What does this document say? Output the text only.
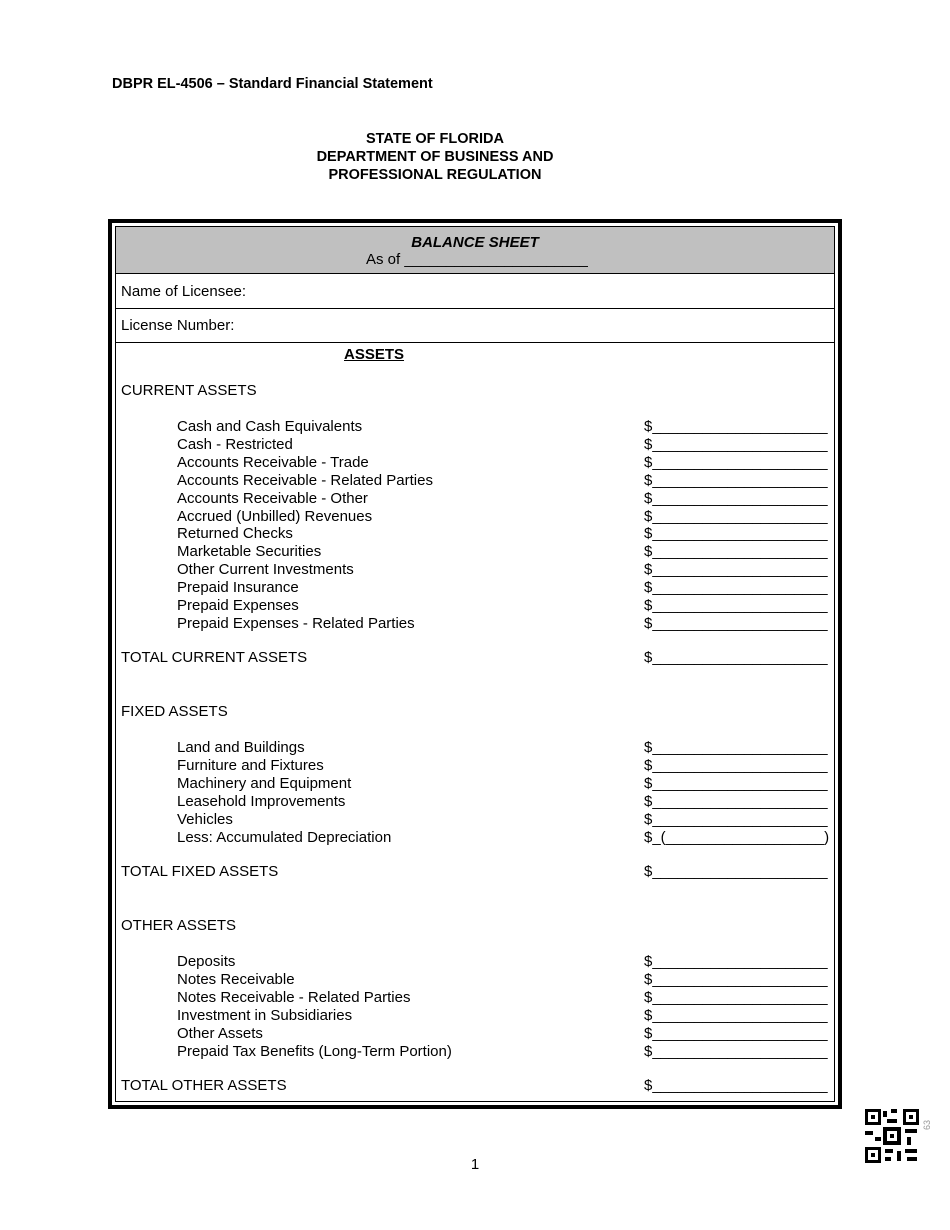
DBPR EL-4506 – Standard Financial Statement
STATE OF FLORIDA
DEPARTMENT OF BUSINESS AND
PROFESSIONAL REGULATION
BALANCE SHEET
As of ______________________
Name of Licensee:
License Number:
ASSETS
CURRENT ASSETS
Cash and Cash Equivalents	$_____________________
Cash - Restricted	$_____________________
Accounts Receivable - Trade	$_____________________
Accounts Receivable - Related Parties	$_____________________
Accounts Receivable - Other	$_____________________
Accrued (Unbilled) Revenues	$_____________________
Returned Checks	$_____________________
Marketable Securities	$_____________________
Other Current Investments	$_____________________
Prepaid Insurance	$_____________________
Prepaid Expenses	$_____________________
Prepaid Expenses - Related Parties	$_____________________
TOTAL CURRENT ASSETS	$_____________________
FIXED ASSETS
Land and Buildings	$_____________________
Furniture and Fixtures	$_____________________
Machinery and Equipment	$_____________________
Leasehold Improvements	$_____________________
Vehicles	$_____________________
Less: Accumulated Depreciation	$_(___________________)
TOTAL FIXED ASSETS	$_____________________
OTHER ASSETS
Deposits	$_____________________
Notes Receivable	$_____________________
Notes Receivable - Related Parties	$_____________________
Investment in Subsidiaries	$_____________________
Other Assets	$_____________________
Prepaid Tax Benefits (Long-Term Portion)	$_____________________
TOTAL OTHER ASSETS	$_____________________
1
63
